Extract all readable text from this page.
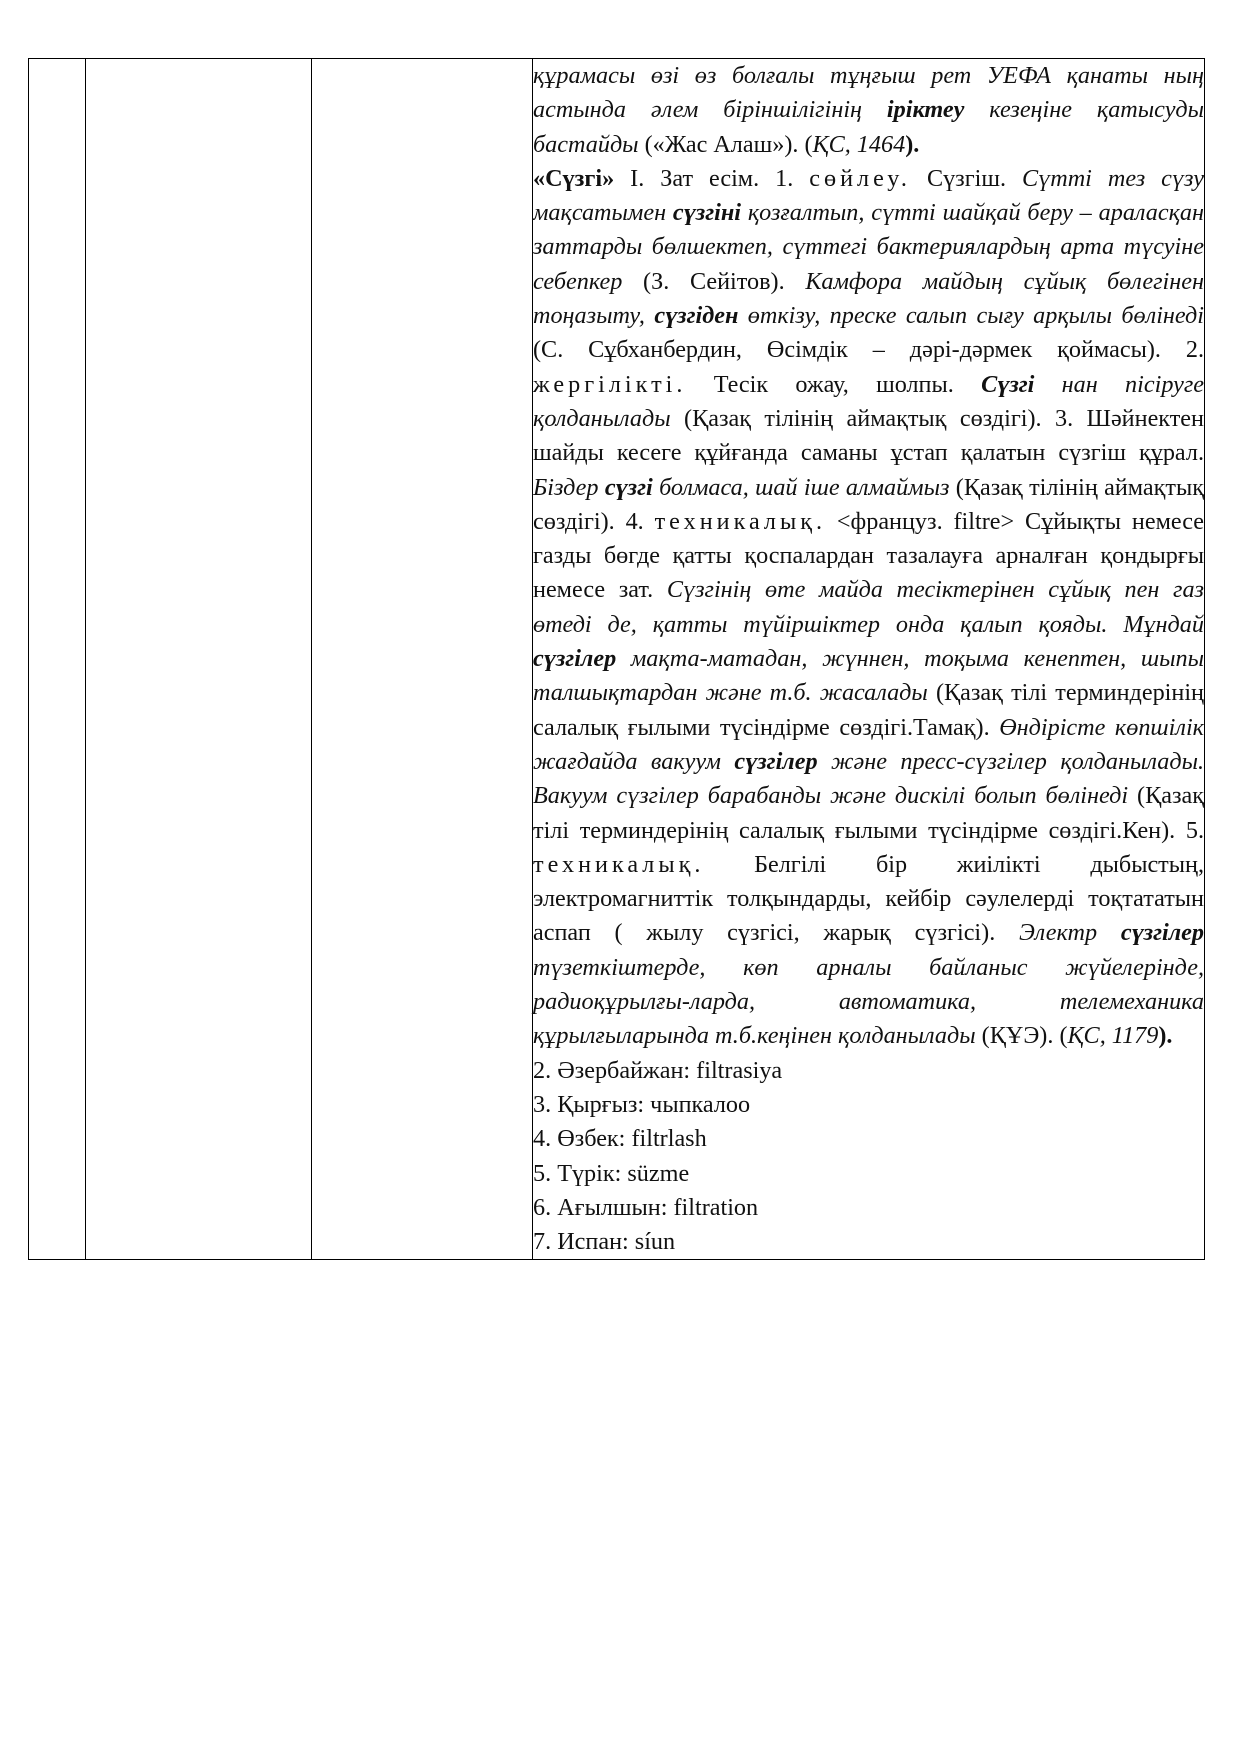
құрамасы өзі өз болғалы тұңғыш рет УЕФА қанаты ның астында әлем біріншілігінің іріктеу кезеңіне қатысуды бастайды («Жас Алаш»). (ҚС, 1464).

«Сүзгі» І. Зат есім. 1. сөйлеу. Сүзгіш. Сүтті тез сүзу мақсатымен сүзгіні қозғалтып, сүтті шайқай беру – араласқан заттарды бөлшектеп, сүттегі бактериялардың арта түсуіне себепкер (З. Сейітов). Камфора майдың сұйық бөлегінен тоңазыту, сүзгіден өткізу, преске салып сығу арқылы бөлінеді (С. Сұбханбердин, Өсімдік – дәрі-дәрмек қоймасы). 2. жергілікті. Тесік ожау, шолпы. Сүзгі нан пісіруге қолданылады (Қазақ тілінің аймақтық сөздігі). 3. Шәйнектен шайды кесеге құйғанда саманы ұстап қалатын сүзгіш құрал. Біздер сүзгі болмаса, шай іше алмаймыз (Қазақ тілінің аймақтық сөздігі). 4. техникалық. <француз. filtre> Сұйықты немесе газды бөгде қатты қоспалардан тазалауға арналған қондырғы немесе зат. Сүзгінің өте майда тесіктерінен сұйық пен газ өтеді де, қатты түйіршіктер онда қалып қояды. Мұндай сүзгілер мақта-матадан, жүннен, тоқыма кенептен, шыпы талшықтардан және т.б. жасалады (Қазақ тілі терминдерінің салалық ғылыми түсіндірме сөздігі.Тамақ). Өндірісте көпшілік жағдайда вакуум сүзгілер және пресс-сүзгілер қолданылады. Вакуум сүзгілер барабанды және дискілі болып бөлінеді (Қазақ тілі терминдерінің салалық ғылыми түсіндірме сөздігі.Кен). 5. техникалық. Белгілі бір жиілікті дыбыстың, электромагниттік толқындарды, кейбір сәулелерді тоқтататын аспап ( жылу сүзгісі, жарық сүзгісі). Электр сүзгілер түзеткіштерде, көп арналы байланыс жүйелерінде, радиоқұрылғы-ларда, автоматика, телемеханика құрылғыларында т.б.кеңінен қолданылады (ҚҰЭ). (ҚС, 1179).

2. Әзербайжан: filtrasiya

3. Қырғыз: чыпкалоо

4. Өзбек: filtrlash

5. Түрік: süzme

6. Ағылшын: filtration

7. Испан: síun
